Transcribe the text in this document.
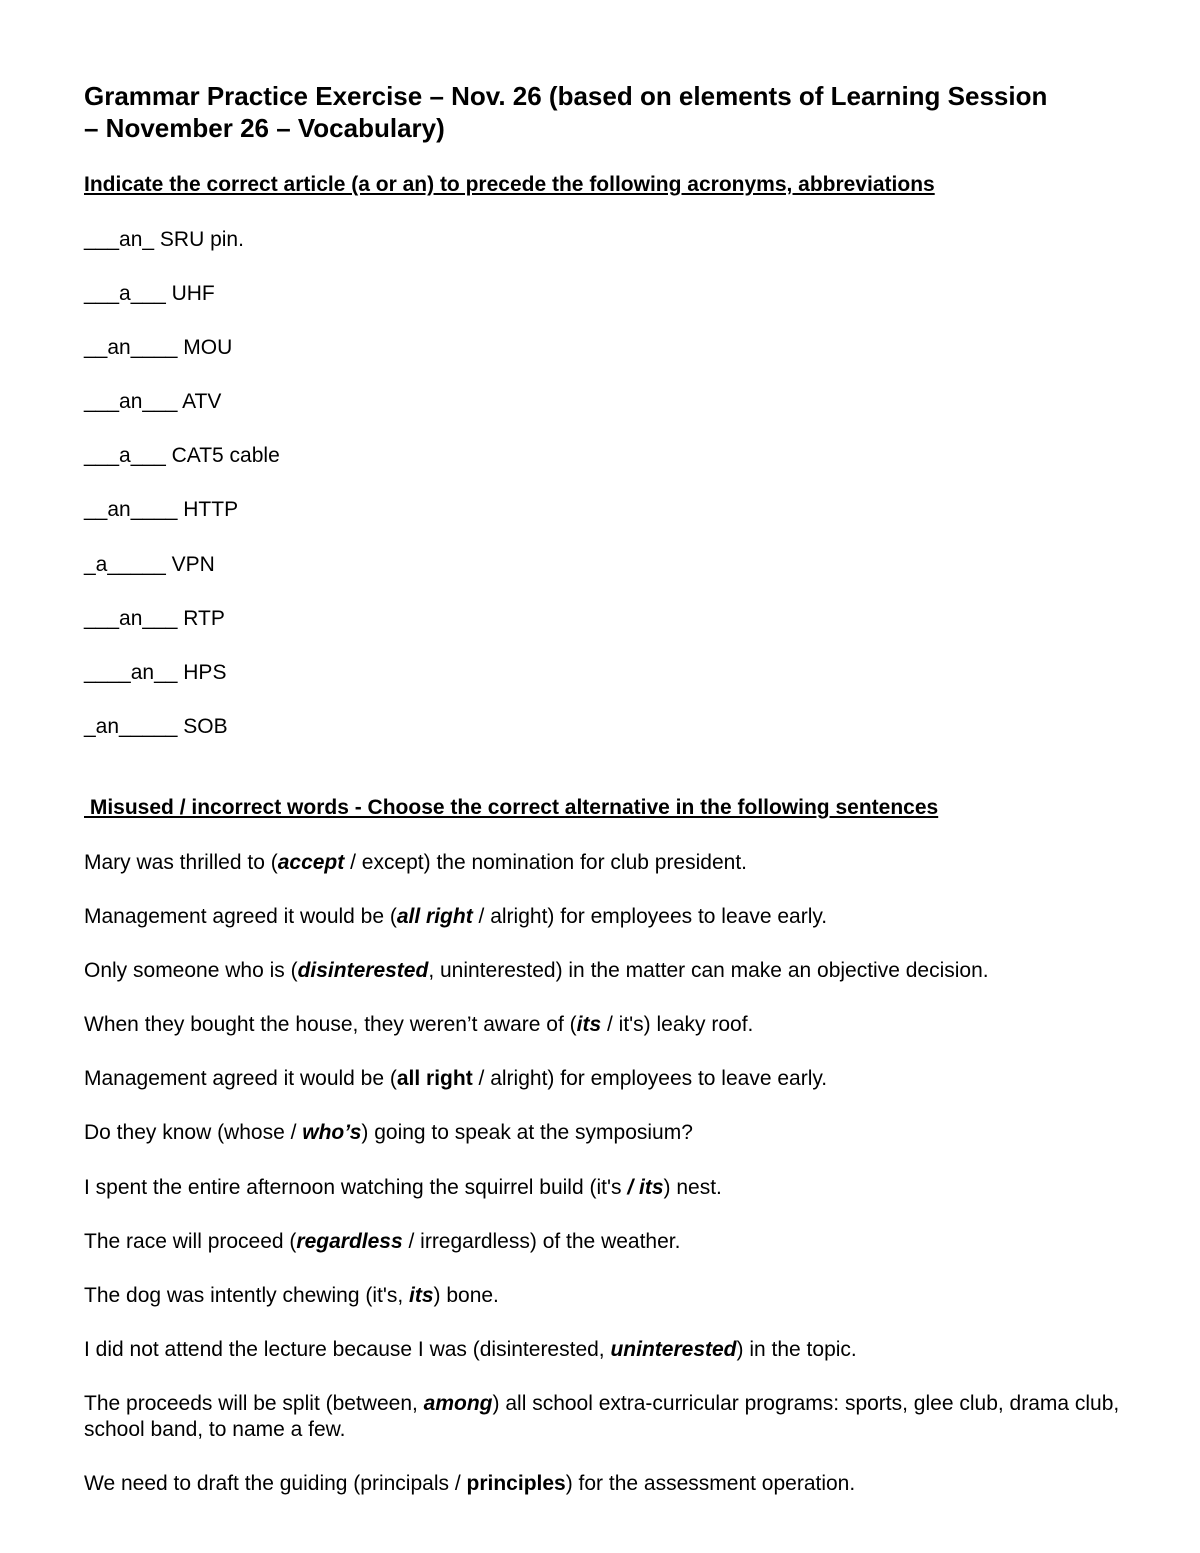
Grammar Practice Exercise – Nov. 26 (based on elements of Learning Session
– November 26 – Vocabulary)
Indicate the correct article (a or an) to precede the following acronyms, abbreviations
___an_ SRU pin.
___a___ UHF
__an____ MOU
___an___ ATV
___a___ CAT5 cable
__an____ HTTP
_a_____ VPN
___an___ RTP
____an__ HPS
_an_____ SOB
Misused / incorrect words - Choose the correct alternative in the following sentences
Mary was thrilled to (accept / except) the nomination for club president.
Management agreed it would be (all right / alright) for employees to leave early.
Only someone who is (disinterested, uninterested) in the matter can make an objective decision.
When they bought the house, they weren’t aware of (its / it's) leaky roof.
Management agreed it would be (all right / alright) for employees to leave early.
Do they know (whose / who’s) going to speak at the symposium?
I spent the entire afternoon watching the squirrel build (it's / its) nest.
The race will proceed (regardless / irregardless) of the weather.
The dog was intently chewing (it's, its) bone.
I did not attend the lecture because I was (disinterested, uninterested) in the topic.
The proceeds will be split (between, among) all school extra-curricular programs: sports, glee club, drama club, school band, to name a few.
We need to draft the guiding (principals / principles) for the assessment operation.
